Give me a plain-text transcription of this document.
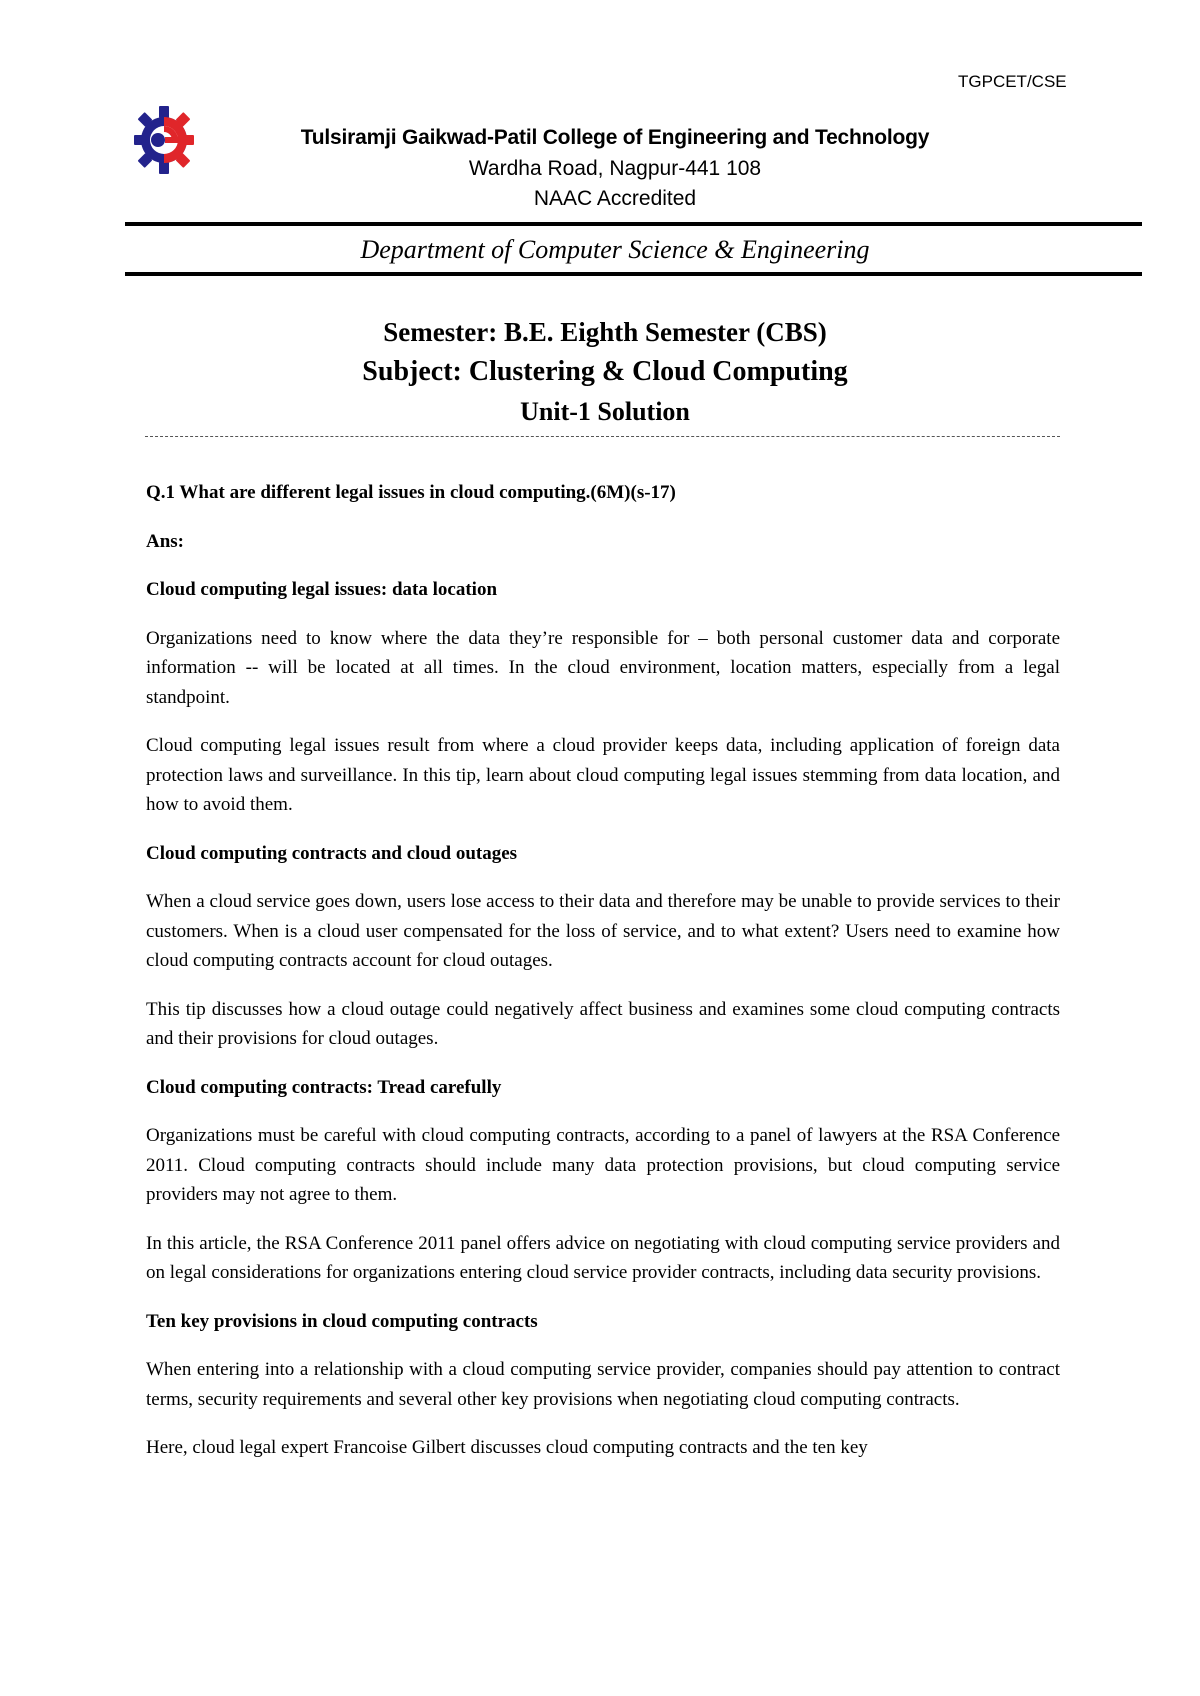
TGPCET/CSE
Tulsiramji Gaikwad-Patil College of Engineering and Technology
Wardha Road, Nagpur-441 108
NAAC Accredited
Department of Computer Science & Engineering
Semester: B.E. Eighth Semester (CBS)
Subject: Clustering & Cloud Computing
Unit-1 Solution

Q.1 What are different legal issues in cloud computing.(6M)(s-17)

Ans:

Cloud computing legal issues: data location

Organizations need to know where the data they’re responsible for – both personal customer data and corporate information -- will be located at all times. In the cloud environment, location matters, especially from a legal standpoint.

Cloud computing legal issues result from where a cloud provider keeps data, including application of foreign data protection laws and surveillance. In this tip, learn about cloud computing legal issues stemming from data location, and how to avoid them.

Cloud computing contracts and cloud outages

When a cloud service goes down, users lose access to their data and therefore may be unable to provide services to their customers. When is a cloud user compensated for the loss of service, and to what extent? Users need to examine how cloud computing contracts account for cloud outages.

This tip discusses how a cloud outage could negatively affect business and examines some cloud computing contracts and their provisions for cloud outages.

Cloud computing contracts: Tread carefully

Organizations must be careful with cloud computing contracts, according to a panel of lawyers at the RSA Conference 2011. Cloud computing contracts should include many data protection provisions, but cloud computing service providers may not agree to them.

In this article, the RSA Conference 2011 panel offers advice on negotiating with cloud computing service providers and on legal considerations for organizations entering cloud service provider contracts, including data security provisions.

Ten key provisions in cloud computing contracts

When entering into a relationship with a cloud computing service provider, companies should pay attention to contract terms, security requirements and several other key provisions when negotiating cloud computing contracts.

Here, cloud legal expert Francoise Gilbert discusses cloud computing contracts and the ten key
